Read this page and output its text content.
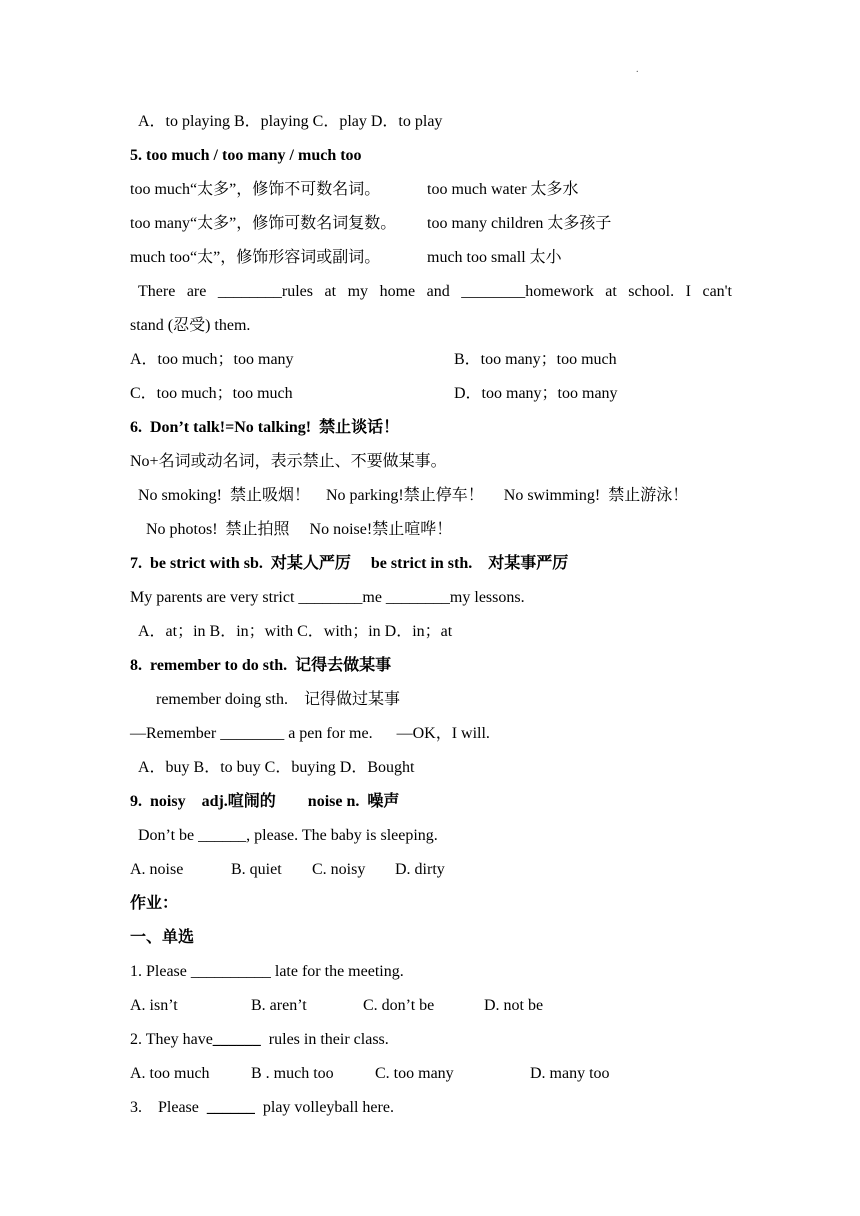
.
A．to playing B．playing C．play D．to play
5. too much / too many / much too
too much“太多”，修饰不可数名词。	too much water 太多水
too many“太多”，修饰可数名词复数。 too many children 太多孩子
much too“太”，修饰形容词或副词。	much too small 太小
There are ________rules at my home and ________homework at school. I can't
stand (忍受) them.
A．too much；too many	B．too many；too much
C．too much；too much	D．too many；too many
6.  Don’t talk!=No talking!  禁止谈话！
No+名词或动名词，表示禁止、不要做某事。
No smoking!  禁止吸烟！    No parking!禁止停车！     No swimming!  禁止游泳！
No photos!  禁止拍照     No noise!禁止喧哗！
7.  be strict with sb.  对某人严厉     be strict in sth.    对某事严厉
My parents are very strict ________me ________my lessons.
A．at；in B．in；with C．with；in D．in；at
8.  remember to do sth.  记得去做某事
remember doing sth.    记得做过某事
—Remember ________ a pen for me.      —OK，I will.
A．buy B．to buy C．buying D．Bought
9.  noisy    adj.喧闹的        noise n.  噪声
Don’t be ______, please. The baby is sleeping.
A. noise	B. quiet C. noisy D. dirty
作业：
一、单选
1. Please __________ late for the meeting.
A. isn’t	B. aren’t	C. don’t be	D. not be
2. They have______  rules in their class.
A. too much	B . much too	C. too many	D. many too
3.    Please  ______  play volleyball here.
